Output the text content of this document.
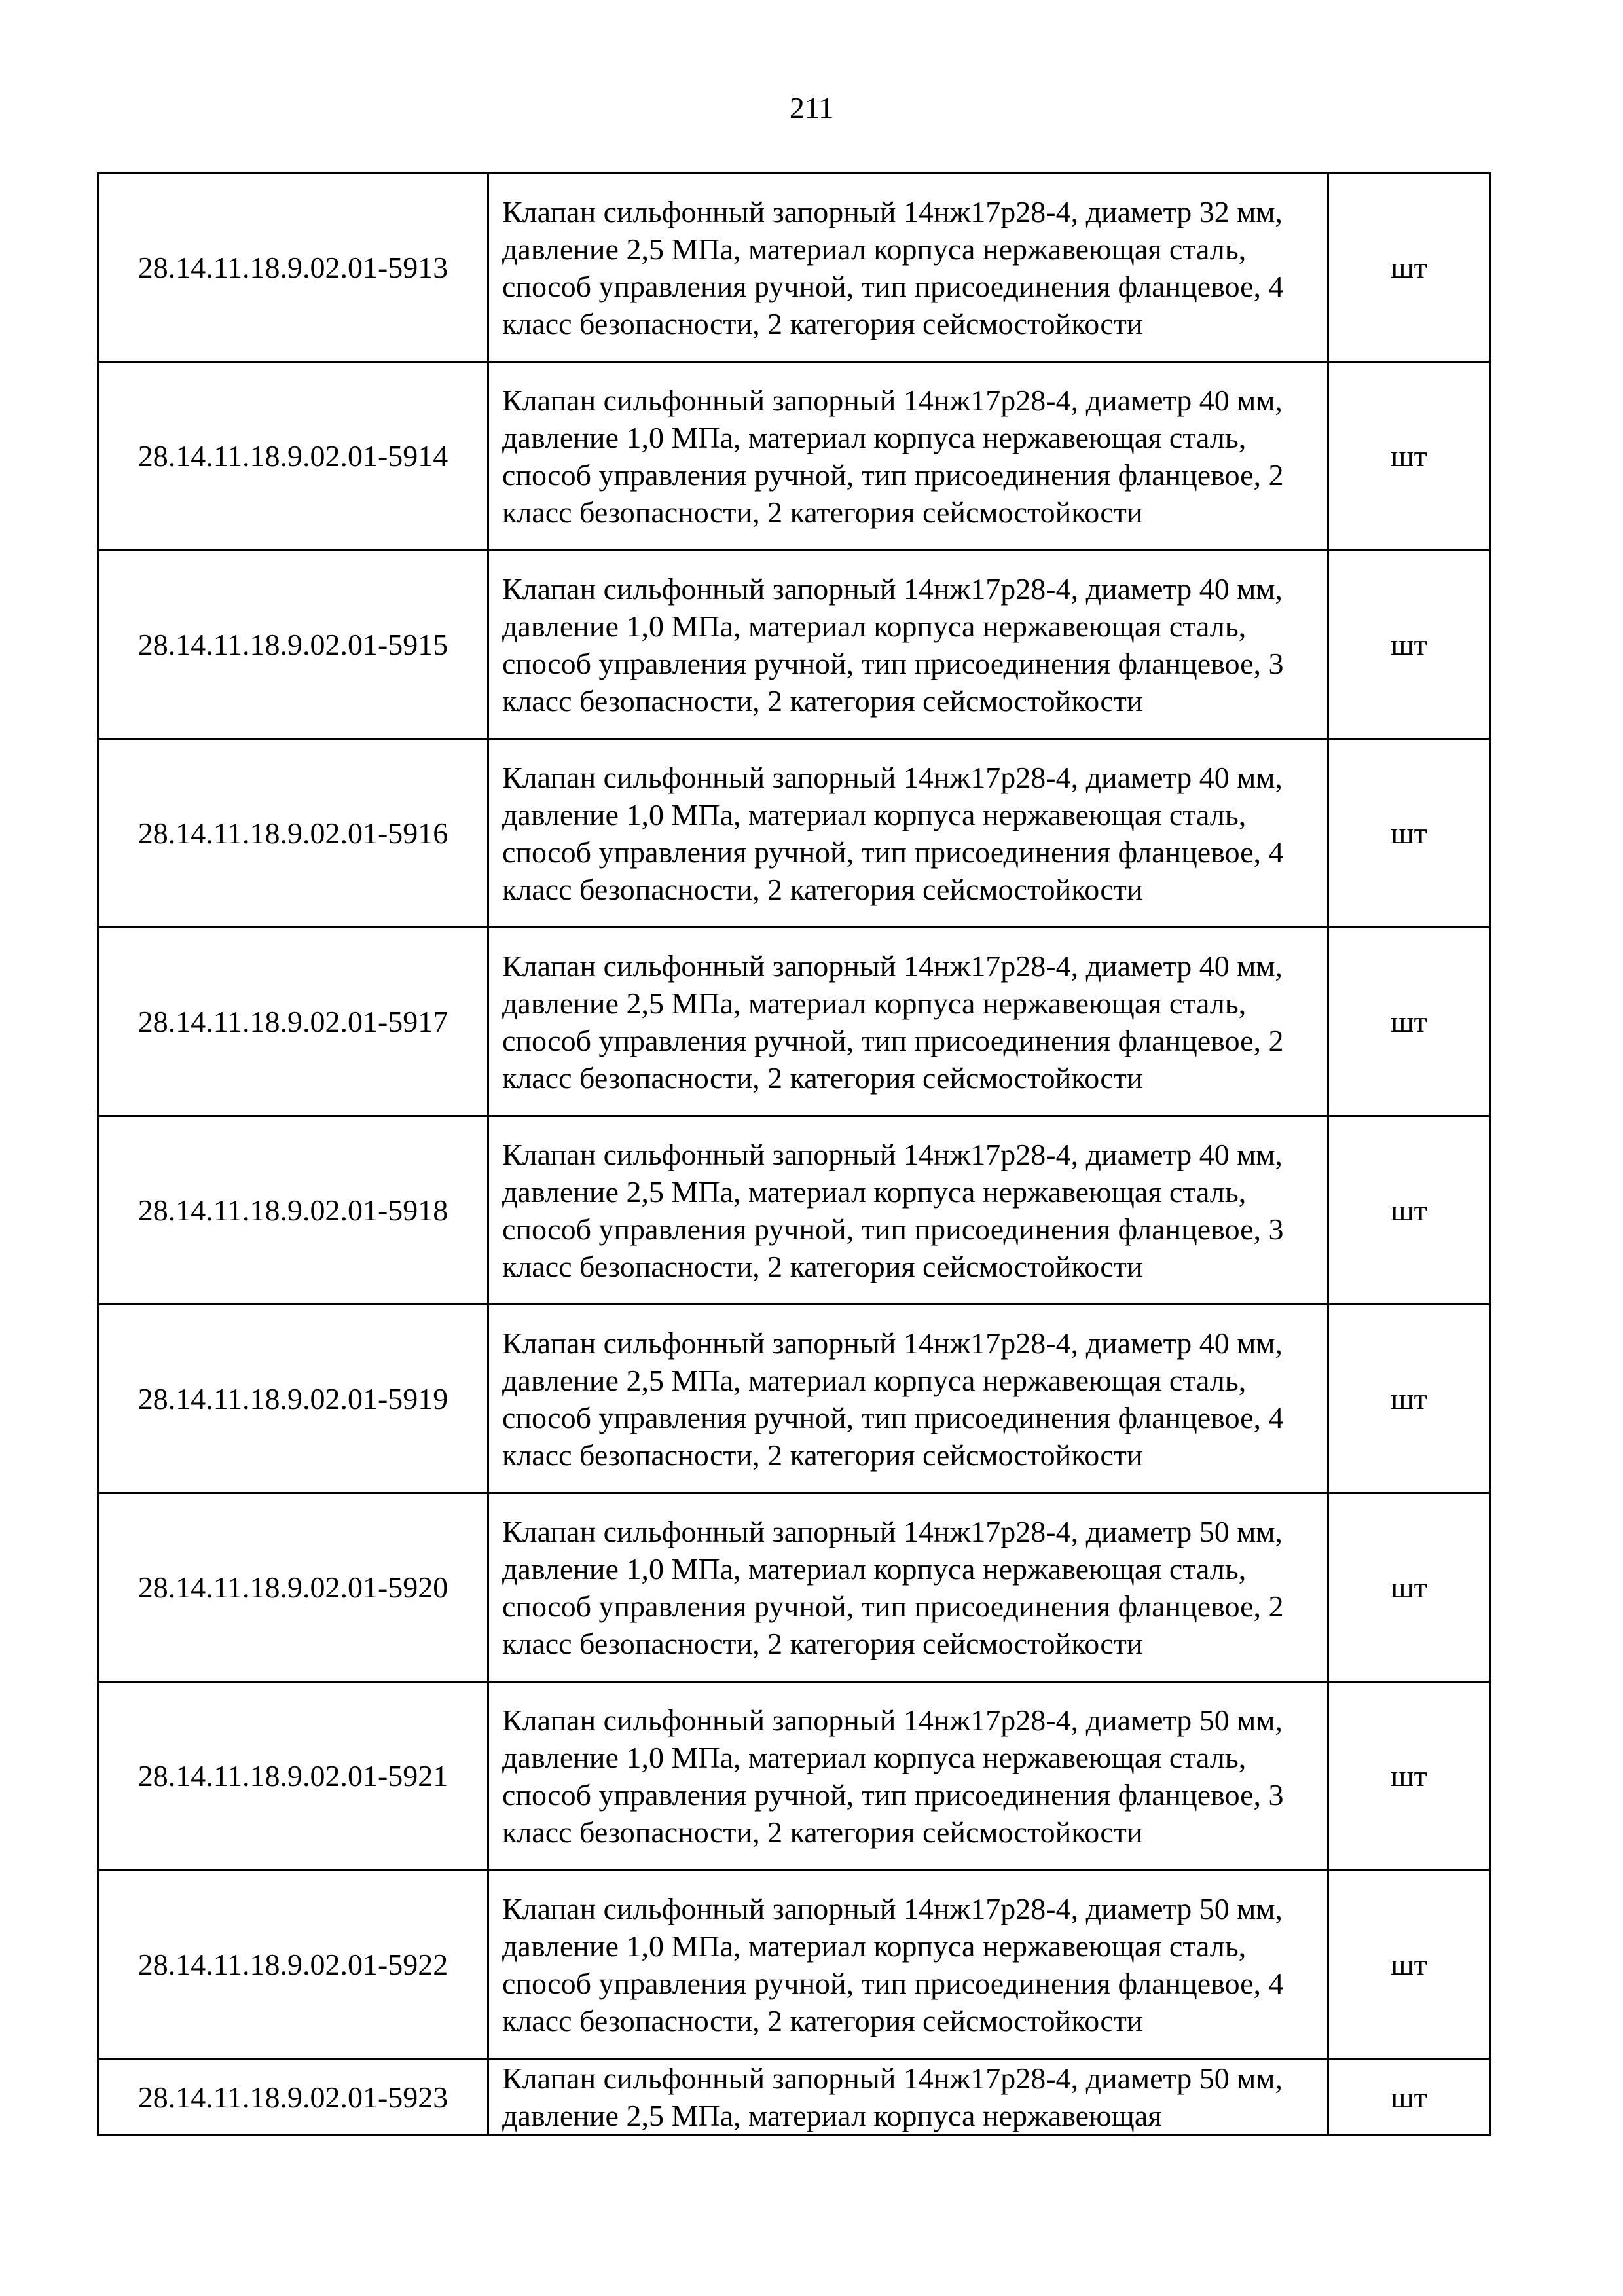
211
28.14.11.18.9.02.01-5913	Клапан сильфонный запорный 14нж17р28-4, диаметр 32 мм, давление 2,5 МПа, материал корпуса нержавеющая сталь, способ управления ручной, тип присоединения фланцевое, 4 класс безопасности, 2 категория сейсмостойкости	шт
28.14.11.18.9.02.01-5914	Клапан сильфонный запорный 14нж17р28-4, диаметр 40 мм, давление 1,0 МПа, материал корпуса нержавеющая сталь, способ управления ручной, тип присоединения фланцевое, 2 класс безопасности, 2 категория сейсмостойкости	шт
28.14.11.18.9.02.01-5915	Клапан сильфонный запорный 14нж17р28-4, диаметр 40 мм, давление 1,0 МПа, материал корпуса нержавеющая сталь, способ управления ручной, тип присоединения фланцевое, 3 класс безопасности, 2 категория сейсмостойкости	шт
28.14.11.18.9.02.01-5916	Клапан сильфонный запорный 14нж17р28-4, диаметр 40 мм, давление 1,0 МПа, материал корпуса нержавеющая сталь, способ управления ручной, тип присоединения фланцевое, 4 класс безопасности, 2 категория сейсмостойкости	шт
28.14.11.18.9.02.01-5917	Клапан сильфонный запорный 14нж17р28-4, диаметр 40 мм, давление 2,5 МПа, материал корпуса нержавеющая сталь, способ управления ручной, тип присоединения фланцевое, 2 класс безопасности, 2 категория сейсмостойкости	шт
28.14.11.18.9.02.01-5918	Клапан сильфонный запорный 14нж17р28-4, диаметр 40 мм, давление 2,5 МПа, материал корпуса нержавеющая сталь, способ управления ручной, тип присоединения фланцевое, 3 класс безопасности, 2 категория сейсмостойкости	шт
28.14.11.18.9.02.01-5919	Клапан сильфонный запорный 14нж17р28-4, диаметр 40 мм, давление 2,5 МПа, материал корпуса нержавеющая сталь, способ управления ручной, тип присоединения фланцевое, 4 класс безопасности, 2 категория сейсмостойкости	шт
28.14.11.18.9.02.01-5920	Клапан сильфонный запорный 14нж17р28-4, диаметр 50 мм, давление 1,0 МПа, материал корпуса нержавеющая сталь, способ управления ручной, тип присоединения фланцевое, 2 класс безопасности, 2 категория сейсмостойкости	шт
28.14.11.18.9.02.01-5921	Клапан сильфонный запорный 14нж17р28-4, диаметр 50 мм, давление 1,0 МПа, материал корпуса нержавеющая сталь, способ управления ручной, тип присоединения фланцевое, 3 класс безопасности, 2 категория сейсмостойкости	шт
28.14.11.18.9.02.01-5922	Клапан сильфонный запорный 14нж17р28-4, диаметр 50 мм, давление 1,0 МПа, материал корпуса нержавеющая сталь, способ управления ручной, тип присоединения фланцевое, 4 класс безопасности, 2 категория сейсмостойкости	шт
28.14.11.18.9.02.01-5923	Клапан сильфонный запорный 14нж17р28-4, диаметр 50 мм, давление 2,5 МПа, материал корпуса нержавеющая	шт
